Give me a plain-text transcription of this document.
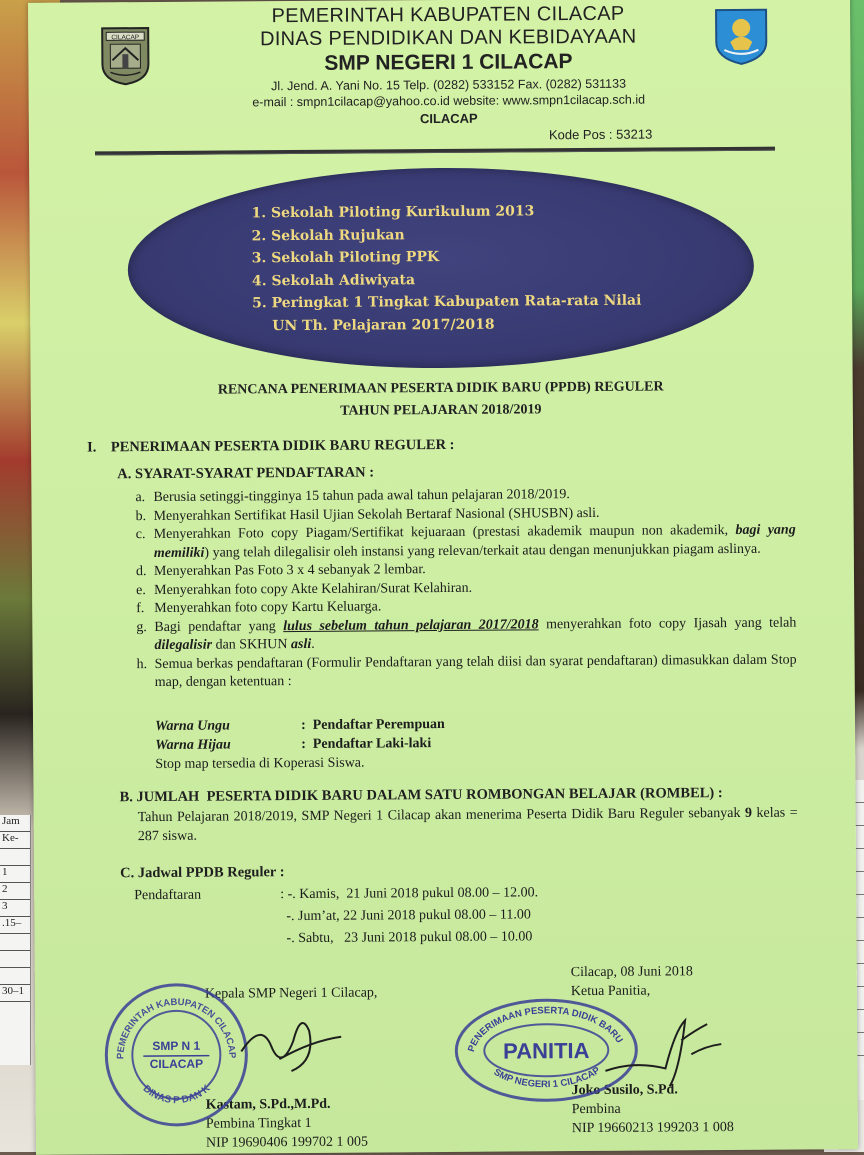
Jam
Ke-
1
2
3
.15–
30–1
CILACAP
PEMERINTAH KABUPATEN CILACAP
DINAS PENDIDIKAN DAN KEBIDAYAAN
SMP NEGERI 1 CILACAP
Jl. Jend. A. Yani No. 15 Telp. (0282) 533152 Fax. (0282) 531133
e-mail : smpn1cilacap@yahoo.co.id website: www.smpn1cilacap.sch.id
CILACAP
Kode Pos : 53213
1. Sekolah Piloting Kurikulum 2013
2. Sekolah Rujukan
3. Sekolah Piloting PPK
4. Sekolah Adiwiyata
5. Peringkat 1 Tingkat Kabupaten Rata-rata Nilai
UN Th. Pelajaran 2017/2018
RENCANA PENERIMAAN PESERTA DIDIK BARU (PPDB) REGULER
TAHUN PELAJARAN 2018/2019
I.    PENERIMAAN PESERTA DIDIK BARU REGULER :
A. SYARAT-SYARAT PENDAFTARAN :
a. Berusia setinggi-tingginya 15 tahun pada awal tahun pelajaran 2018/2019.
b. Menyerahkan Sertifikat Hasil Ujian Sekolah Bertaraf Nasional (SHUSBN) asli.
c. Menyerahkan Foto copy Piagam/Sertifikat kejuaraan (prestasi akademik maupun non akademik, bagi yang memiliki) yang telah dilegalisir oleh instansi yang relevan/terkait atau dengan menunjukkan piagam aslinya.
d. Menyerahkan Pas Foto 3 x 4 sebanyak 2 lembar.
e. Menyerahkan foto copy Akte Kelahiran/Surat Kelahiran.
f. Menyerahkan foto copy Kartu Keluarga.
g. Bagi pendaftar yang lulus sebelum tahun pelajaran 2017/2018 menyerahkan foto copy Ijasah yang telah dilegalisir dan SKHUN asli.
h. Semua berkas pendaftaran (Formulir Pendaftaran yang telah diisi dan syarat pendaftaran) dimasukkan dalam Stop map, dengan ketentuan :
Warna Ungu	:  Pendaftar Perempuan
Warna Hijau	:  Pendaftar Laki-laki
Stop map tersedia di Koperasi Siswa.
B. JUMLAH  PESERTA DIDIK BARU DALAM SATU ROMBONGAN BELAJAR (ROMBEL) :
Tahun Pelajaran 2018/2019, SMP Negeri 1 Cilacap akan menerima Peserta Didik Baru Reguler sebanyak 9 kelas = 287 siswa.
C. Jadwal PPDB Reguler :
Pendaftaran	: -. Kamis,  21 Juni 2018 pukul 08.00 – 12.00.
-. Jum’at, 22 Juni 2018 pukul 08.00 – 11.00
-. Sabtu,   23 Juni 2018 pukul 08.00 – 10.00
Kepala SMP Negeri 1 Cilacap,
Kastam, S.Pd.,M.Pd.
Pembina Tingkat 1
NIP 19690406 199702 1 005
Cilacap, 08 Juni 2018
Ketua Panitia,
Joko Susilo, S.Pd.
Pembina
NIP 19660213 199203 1 008
PEMERINTAH KABUPATEN CILACAP
DINAS P DAN K
SMP N 1
CILACAP
PENERIMAAN PESERTA DIDIK BARU
SMP NEGERI 1 CILACAP
PANITIA
